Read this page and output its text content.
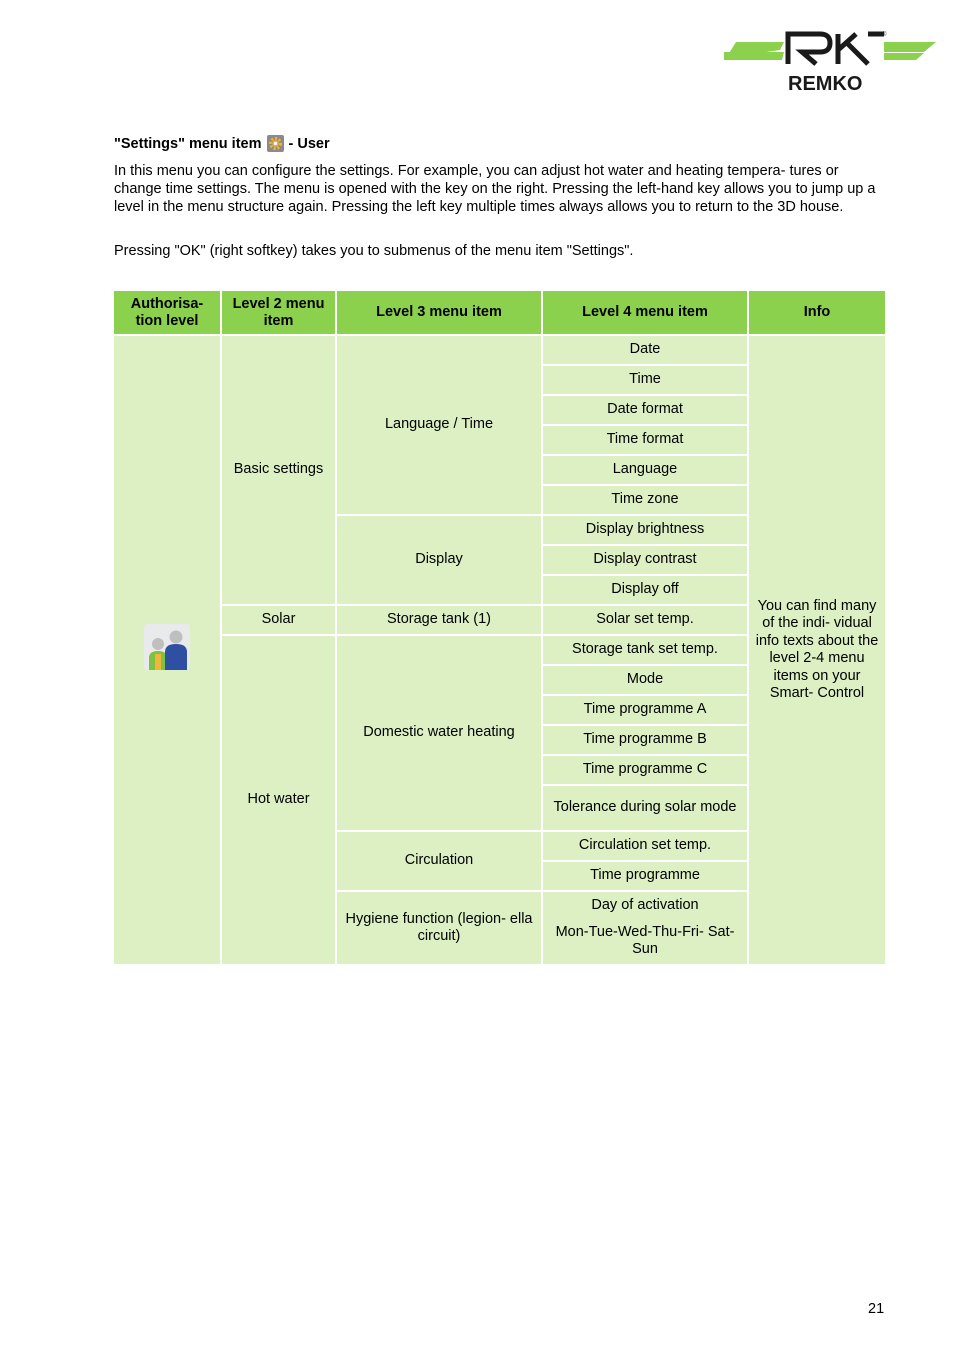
REMKO
®
"Settings" menu item - User

In this menu you can configure the settings. For example, you can adjust hot water and heating tempera- tures or change time settings. The menu is opened with the key on the right. Pressing the left-hand key allows you to jump up a level in the menu structure again. Pressing the left key multiple times always allows you to return to the 3D house.

Pressing "OK" (right softkey) takes you to submenus of the menu item "Settings".

Authorisa- tion level	Level 2 menu item	Level 3 menu item	Level 4 menu item	Info
	Basic settings	Language / Time	Date	You can find many of the indi- vidual info texts about the level 2-4 menu items on your Smart- Control
			Time	
			Date format	
			Time format	
			Language	
			Time zone	
		Display	Display brightness	
			Display contrast	
			Display off	
	Solar	Storage tank (1)	Solar set temp.	
	Hot water	Domestic water heating	Storage tank set temp.	
			Mode	
			Time programme A	
			Time programme B	
			Time programme C	
			Tolerance during solar mode	
		Circulation	Circulation set temp.	
			Time programme	
		Hygiene function (legion- ella circuit)	Day of activation
Mon-Tue-Wed-Thu-Fri- Sat-Sun	
21
